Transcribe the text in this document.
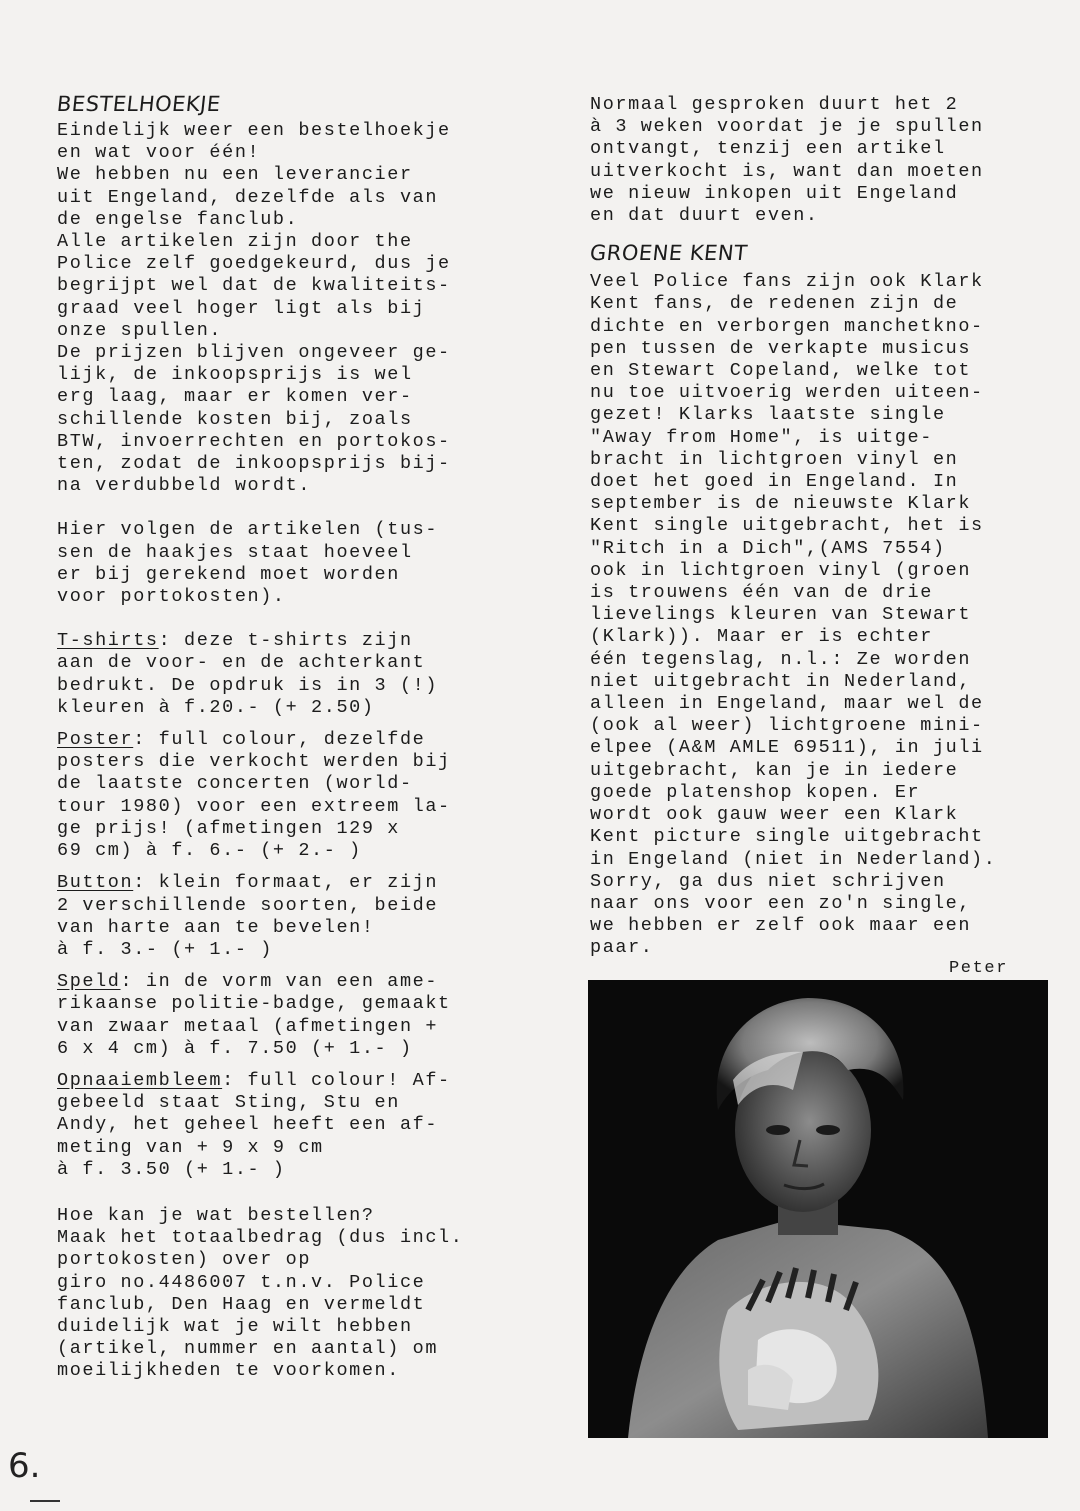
BESTELHOEKJE
Eindelijk weer een bestelhoekje
en wat voor één!
We hebben nu een leverancier
uit Engeland, dezelfde als van
de engelse fanclub.
Alle artikelen zijn door the
Police zelf goedgekeurd, dus je
begrijpt wel dat de kwaliteits-
graad veel hoger ligt als bij
onze spullen.
De prijzen blijven ongeveer ge-
lijk, de inkoopsprijs is wel
erg laag, maar er komen ver-
schillende kosten bij, zoals
BTW, invoerrechten en portokos-
ten, zodat de inkoopsprijs bij-
na verdubbeld wordt.
Hier volgen de artikelen (tus-
sen de haakjes staat hoeveel
er bij gerekend moet worden
voor portokosten).
T-shirts: deze t-shirts zijn
aan de voor- en de achterkant
bedrukt. De opdruk is in 3 (!)
kleuren à f.20.- (+ 2.50)
Poster: full colour, dezelfde
posters die verkocht werden bij
de laatste concerten (world-
tour 1980) voor een extreem la-
ge prijs! (afmetingen 129 x
69 cm) à f. 6.- (+ 2.- )
Button: klein formaat, er zijn
2 verschillende soorten, beide
van harte aan te bevelen!
à f. 3.- (+ 1.- )
Speld: in de vorm van een ame-
rikaanse politie-badge, gemaakt
van zwaar metaal (afmetingen +
6 x 4 cm) à f. 7.50 (+ 1.- )
Opnaaiembleem: full colour! Af-
gebeeld staat Sting, Stu en
Andy, het geheel heeft een af-
meting van + 9 x 9 cm
à f. 3.50 (+ 1.- )
Hoe kan je wat bestellen?
Maak het totaalbedrag (dus incl.
portokosten) over op
giro no.4486007 t.n.v. Police
fanclub, Den Haag en vermeldt
duidelijk wat je wilt hebben
(artikel, nummer en aantal) om
moeilijkheden te voorkomen.
Normaal gesproken duurt het 2
à 3 weken voordat je je spullen
ontvangt, tenzij een artikel
uitverkocht is, want dan moeten
we nieuw inkopen uit Engeland
en dat duurt even.
GROENE KENT
Veel Police fans zijn ook Klark
Kent fans, de redenen zijn de
dichte en verborgen manchetkno-
pen tussen de verkapte musicus
en Stewart Copeland, welke tot
nu toe uitvoerig werden uiteen-
gezet! Klarks laatste single
"Away from Home", is uitge-
bracht in lichtgroen vinyl en
doet het goed in Engeland. In
september is de nieuwste Klark
Kent single uitgebracht, het is
"Ritch in a Dich",(AMS 7554)
ook in lichtgroen vinyl (groen
is trouwens één van de drie
lievelings kleuren van Stewart
(Klark)). Maar er is echter
één tegenslag, n.l.: Ze worden
niet uitgebracht in Nederland,
alleen in Engeland, maar wel de
(ook al weer) lichtgroene mini-
elpee (A&M AMLE 69511), in juli
uitgebracht, kan je in iedere
goede platenshop kopen. Er
wordt ook gauw weer een Klark
Kent picture single uitgebracht
in Engeland (niet in Nederland).
Sorry, ga dus niet schrijven
naar ons voor een zo'n single,
we hebben er zelf ook maar een
paar.
Peter
6.
